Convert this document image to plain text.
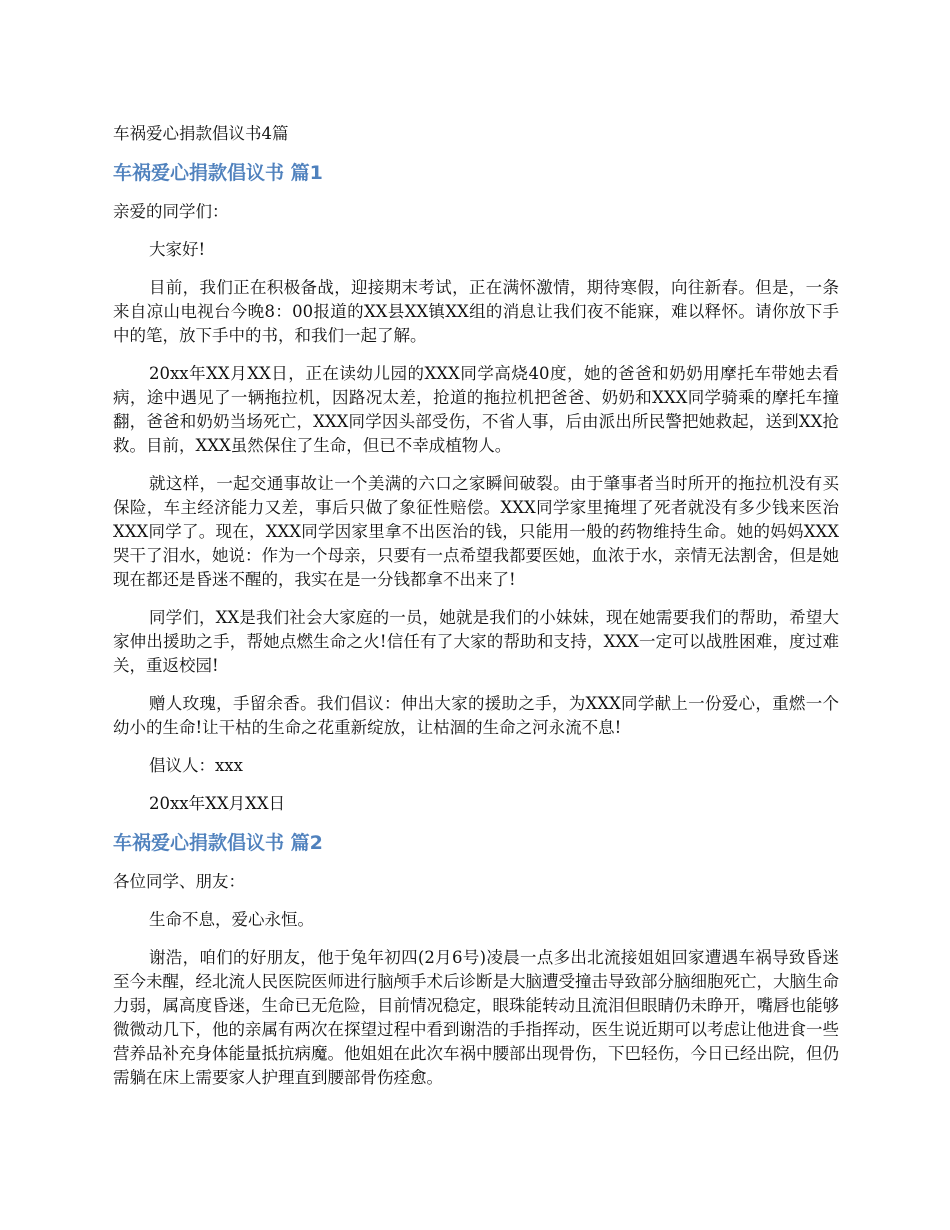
车祸爱心捐款倡议书4篇
车祸爱心捐款倡议书 篇1

亲爱的同学们：

大家好!

目前，我们正在积极备战，迎接期末考试，正在满怀激情，期待寒假，向往新春。但是，一条来自凉山电视台今晚8：00报道的XX县XX镇XX组的消息让我们夜不能寐，难以释怀。请你放下手中的笔，放下手中的书，和我们一起了解。

20xx年XX月XX日，正在读幼儿园的XXX同学高烧40度，她的爸爸和奶奶用摩托车带她去看病，途中遇见了一辆拖拉机，因路况太差，抢道的拖拉机把爸爸、奶奶和XXX同学骑乘的摩托车撞翻，爸爸和奶奶当场死亡，XXX同学因头部受伤，不省人事，后由派出所民警把她救起，送到XX抢救。目前，XXX虽然保住了生命，但已不幸成植物人。

就这样，一起交通事故让一个美满的六口之家瞬间破裂。由于肇事者当时所开的拖拉机没有买保险，车主经济能力又差，事后只做了象征性赔偿。XXX同学家里掩埋了死者就没有多少钱来医治XXX同学了。现在，XXX同学因家里拿不出医治的钱，只能用一般的药物维持生命。她的妈妈XXX哭干了泪水，她说：作为一个母亲，只要有一点希望我都要医她，血浓于水，亲情无法割舍，但是她现在都还是昏迷不醒的，我实在是一分钱都拿不出来了!

同学们，XX是我们社会大家庭的一员，她就是我们的小妹妹，现在她需要我们的帮助，希望大家伸出援助之手，帮她点燃生命之火!信任有了大家的帮助和支持，XXX一定可以战胜困难，度过难关，重返校园!

赠人玫瑰，手留余香。我们倡议：伸出大家的援助之手，为XXX同学献上一份爱心，重燃一个幼小的生命!让干枯的生命之花重新绽放，让枯涸的生命之河永流不息!

倡议人：xxx

20xx年XX月XX日

车祸爱心捐款倡议书 篇2

各位同学、朋友：

生命不息，爱心永恒。

谢浩，咱们的好朋友，他于兔年初四(2月6号)凌晨一点多出北流接姐姐回家遭遇车祸导致昏迷至今未醒，经北流人民医院医师进行脑颅手术后诊断是大脑遭受撞击导致部分脑细胞死亡，大脑生命力弱，属高度昏迷，生命已无危险，目前情况稳定，眼珠能转动且流泪但眼睛仍未睁开，嘴唇也能够微微动几下，他的亲属有两次在探望过程中看到谢浩的手指挥动，医生说近期可以考虑让他进食一些营养品补充身体能量抵抗病魔。他姐姐在此次车祸中腰部出现骨伤，下巴轻伤，今日已经出院，但仍需躺在床上需要家人护理直到腰部骨伤痊愈。
